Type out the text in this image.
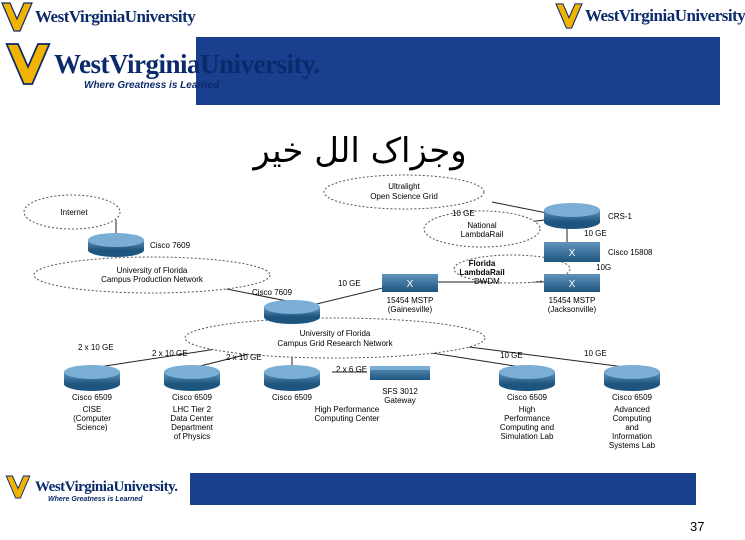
WestVirginiaUniversity	WestVirginiaUniversity
WestVirginiaUniversity.
Where Greatness is Learned
وجزاک الل خیر
Internet
University of Florida
Campus Production Network
Ultralight
Open Science Grid
National
LambdaRail
Florida
LambdaRail
University of Florida
Campus Grid Research Network
Cisco 7609
Cisco 7609
CRS-1
X	Cisco 15808
X
15454 MSTP
(Gainesville)
X
15454 MSTP
(Jacksonville)
Cisco 6509
CISE
(Computer
Science)
Cisco 6509
LHC Tier 2
Data Center
Department
of Physics
Cisco 6509
High Performance
Computing Center
SFS 3012
Gateway	Cisco 6509
High
Performance
Computing and
Simulation Lab
Cisco 6509
Advanced
Computing
and
Information
Systems Lab
10 GE
10 GE
10G
10 GE	DWDM
2 x 10 GE
2 x 10 GE	2 x 10 GE
2 x 6 GE
10 GE	10 GE
WestVirginiaUniversity.
Where Greatness is Learned
37
